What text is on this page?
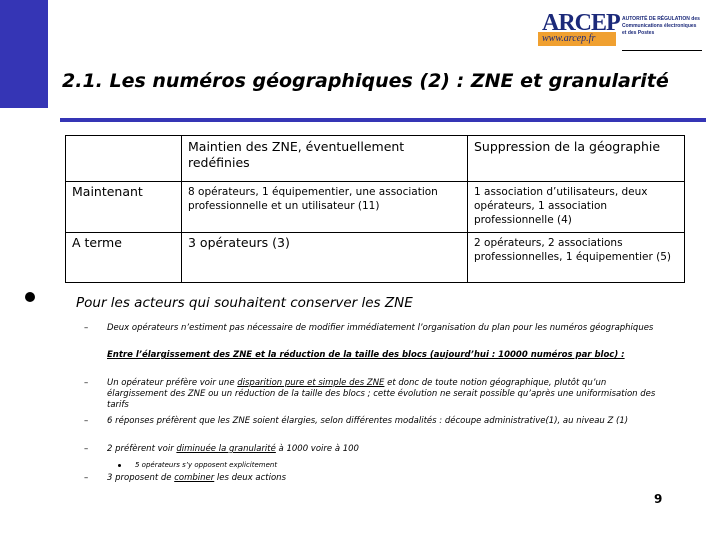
ARCEP
www.arcep.fr
AUTORITÉ DE RÉGULATION des Communications électroniques et des Postes
2.1. Les numéros géographiques (2) : ZNE et granularité
	Maintien des ZNE, éventuellement redéfinies	Suppression de la géographie
Maintenant	8 opérateurs, 1 équipementier, une association professionnelle et un utilisateur (11)	1 association d’utilisateurs, deux opérateurs, 1 association professionnelle (4)
A terme	3 opérateurs (3)	2 opérateurs, 2 associations professionnelles, 1 équipementier (5)
Pour les acteurs qui souhaitent conserver les ZNE
– Deux opérateurs n’estiment pas nécessaire de modifier immédiatement l’organisation du plan pour les numéros géographiques
Entre l’élargissement des ZNE et la réduction de la taille des blocs (aujourd’hui : 10000 numéros par bloc) :
– Un opérateur préfère voir une disparition pure et simple des ZNE et donc de toute notion géographique, plutôt qu’un élargissement des ZNE ou un réduction de la taille des blocs ; cette évolution ne serait possible qu’après une uniformisation des tarifs
– 6 réponses préfèrent que les ZNE soient élargies, selon différentes modalités : découpe administrative(1), au niveau Z (1)
– 2 préfèrent voir diminuée la granularité à 1000 voire à 100
5 opérateurs s’y opposent explicitement
– 3 proposent de combiner les deux actions
9
